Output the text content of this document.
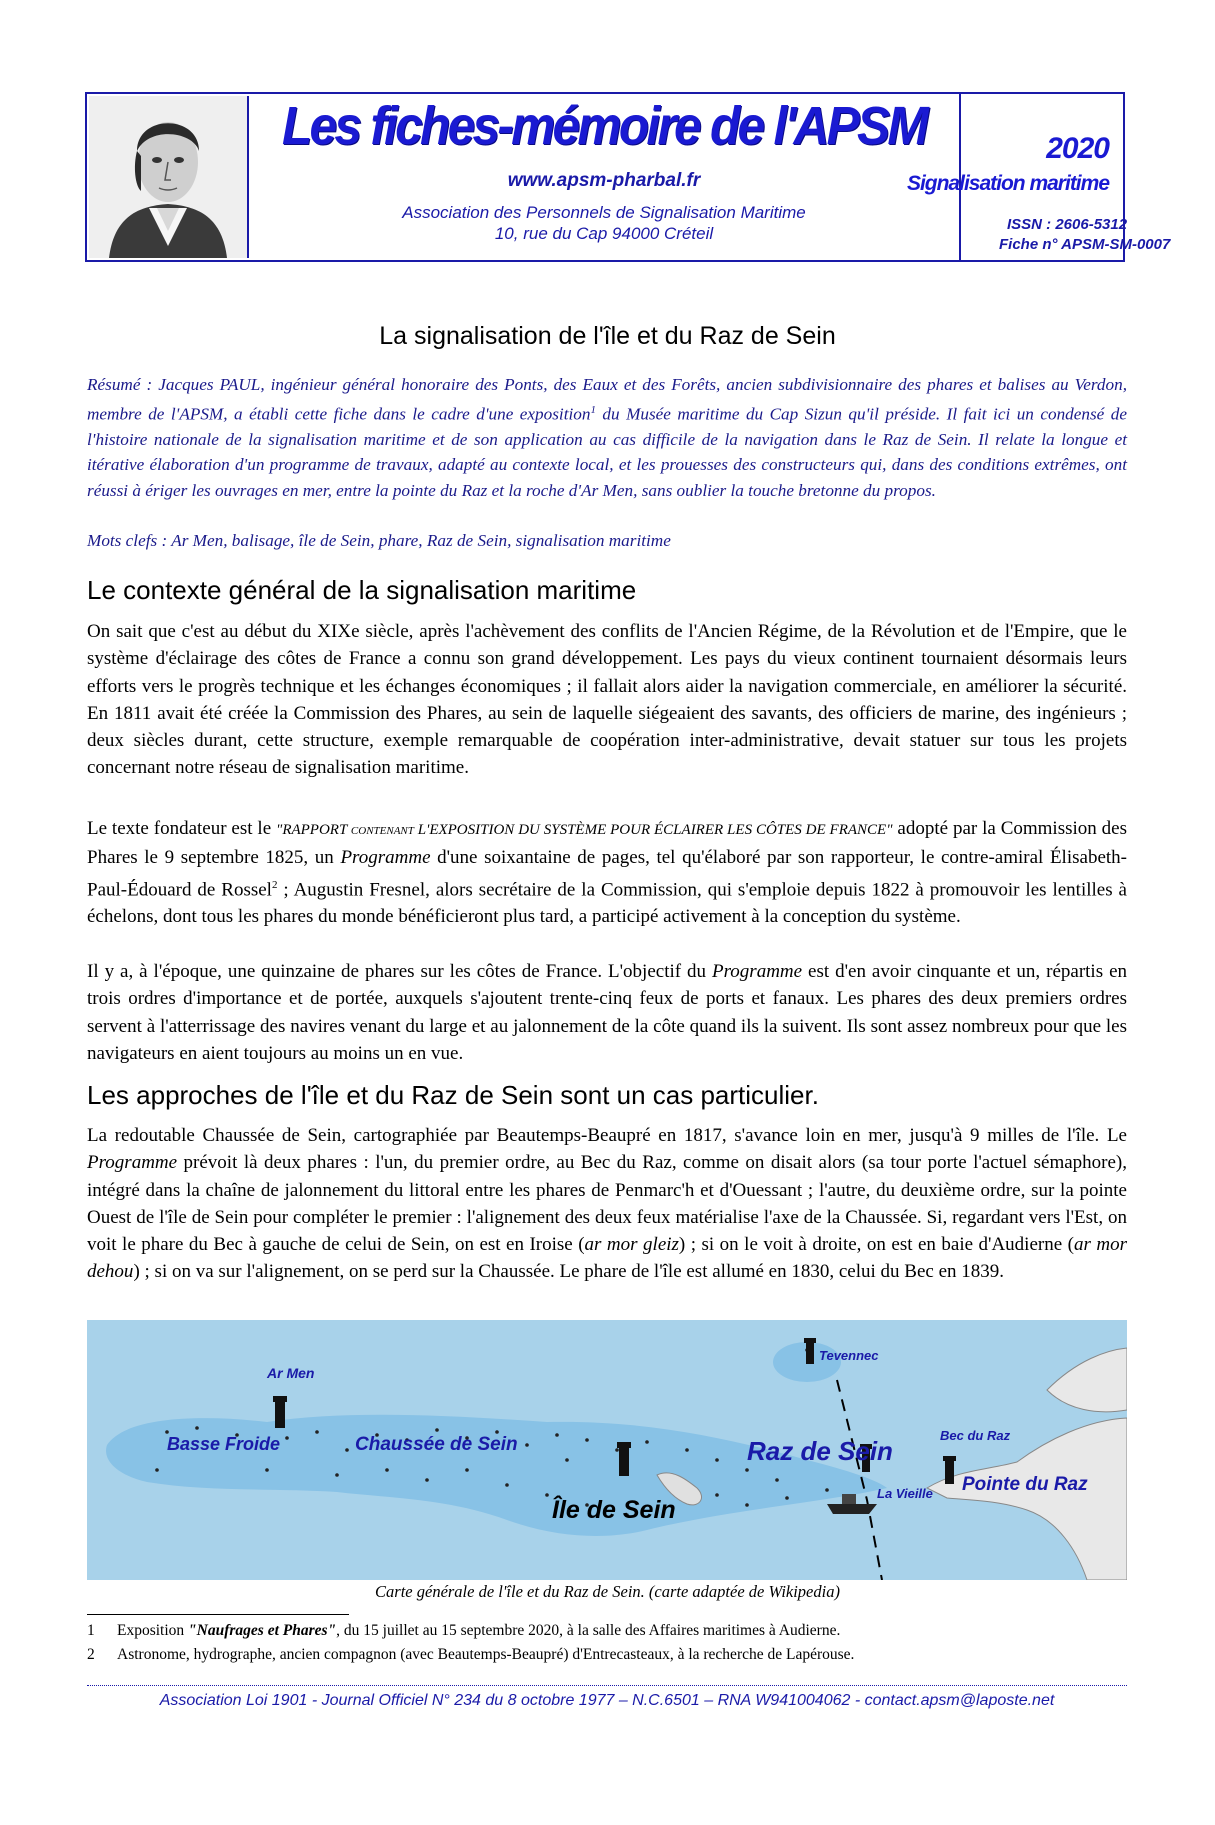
Les fiches-mémoire de l'APSM
www.apsm-pharbal.fr
Association des Personnels de Signalisation Maritime
10, rue du Cap 94000 Créteil
2020
Signalisation maritime
ISSN : 2606-5312
Fiche n° APSM-SM-0007
La signalisation de l'île et du Raz de Sein
Résumé : Jacques PAUL, ingénieur général honoraire des Ponts, des Eaux et des Forêts, ancien subdivisionnaire des phares et balises au Verdon, membre de l'APSM, a établi cette fiche dans le cadre d'une exposition$^1$ du Musée maritime du Cap Sizun qu'il préside. Il fait ici un condensé de l'histoire nationale de la signalisation maritime et de son application au cas difficile de la navigation dans le Raz de Sein. Il relate la longue et itérative élaboration d'un programme de travaux, adapté au contexte local, et les prouesses des constructeurs qui, dans des conditions extrêmes, ont réussi à ériger les ouvrages en mer, entre la pointe du Raz et la roche d'Ar Men, sans oublier la touche bretonne du propos.
Mots clefs : Ar Men, balisage, île de Sein, phare, Raz de Sein, signalisation maritime
Le contexte général de la signalisation maritime
On sait que c'est au début du XIXe siècle, après l'achèvement des conflits de l'Ancien Régime, de la Révolution et de l'Empire, que le système d'éclairage des côtes de France a connu son grand développement. Les pays du vieux continent tournaient désormais leurs efforts vers le progrès technique et les échanges économiques ; il fallait alors aider la navigation commerciale, en améliorer la sécurité. En 1811 avait été créée la Commission des Phares, au sein de laquelle siégeaient des savants, des officiers de marine, des ingénieurs ; deux siècles durant, cette structure, exemple remarquable de coopération inter-administrative, devait statuer sur tous les projets concernant notre réseau de signalisation maritime.
Le texte fondateur est le "RAPPORT contenant L'EXPOSITION DU SYSTÈME POUR ÉCLAIRER LES CÔTES DE FRANCE" adopté par la Commission des Phares le 9 septembre 1825, un Programme d'une soixantaine de pages, tel qu'élaboré par son rapporteur, le contre-amiral Élisabeth-Paul-Édouard de Rossel$^2$ ; Augustin Fresnel, alors secrétaire de la Commission, qui s'emploie depuis 1822 à promouvoir les lentilles à échelons, dont tous les phares du monde bénéficieront plus tard, a participé activement à la conception du système.
Il y a, à l'époque, une quinzaine de phares sur les côtes de France. L'objectif du Programme est d'en avoir cinquante et un, répartis en trois ordres d'importance et de portée, auxquels s'ajoutent trente-cinq feux de ports et fanaux. Les phares des deux premiers ordres servent à l'atterrissage des navires venant du large et au jalonnement de la côte quand ils la suivent. Ils sont assez nombreux pour que les navigateurs en aient toujours au moins un en vue.
Les approches de l'île et du Raz de Sein sont un cas particulier.
La redoutable Chaussée de Sein, cartographiée par Beautemps-Beaupré en 1817, s'avance loin en mer, jusqu'à 9 milles de l'île. Le Programme prévoit là deux phares : l'un, du premier ordre, au Bec du Raz, comme on disait alors (sa tour porte l'actuel sémaphore), intégré dans la chaîne de jalonnement du littoral entre les phares de Penmarc'h et d'Ouessant ; l'autre, du deuxième ordre, sur la pointe Ouest de l'île de Sein pour compléter le premier : l'alignement des deux feux matérialise l'axe de la Chaussée. Si, regardant vers l'Est, on voit le phare du Bec à gauche de celui de Sein, on est en Iroise (ar mor gleiz) ; si on le voit à droite, on est en baie d'Audierne (ar mor dehou) ; si on va sur l'alignement, on se perd sur la Chaussée. Le phare de l'île est allumé en 1830, celui du Bec en 1839.
Ar Men
Basse Froide	Chaussée de Sein
Île de Sein
Raz de Sein
Tevennec
Bec du Raz
Pointe du Raz
La Vieille
Carte générale de l'île et du Raz de Sein. (carte adaptée de Wikipedia)
1 Exposition "Naufrages et Phares", du 15 juillet au 15 septembre 2020, à la salle des Affaires maritimes à Audierne.
2 Astronome, hydrographe, ancien compagnon (avec Beautemps-Beaupré) d'Entrecasteaux, à la recherche de Lapérouse.
Association Loi 1901 - Journal Officiel N° 234 du 8 octobre 1977 – N.C.6501 – RNA W941004062 - contact.apsm@laposte.net
